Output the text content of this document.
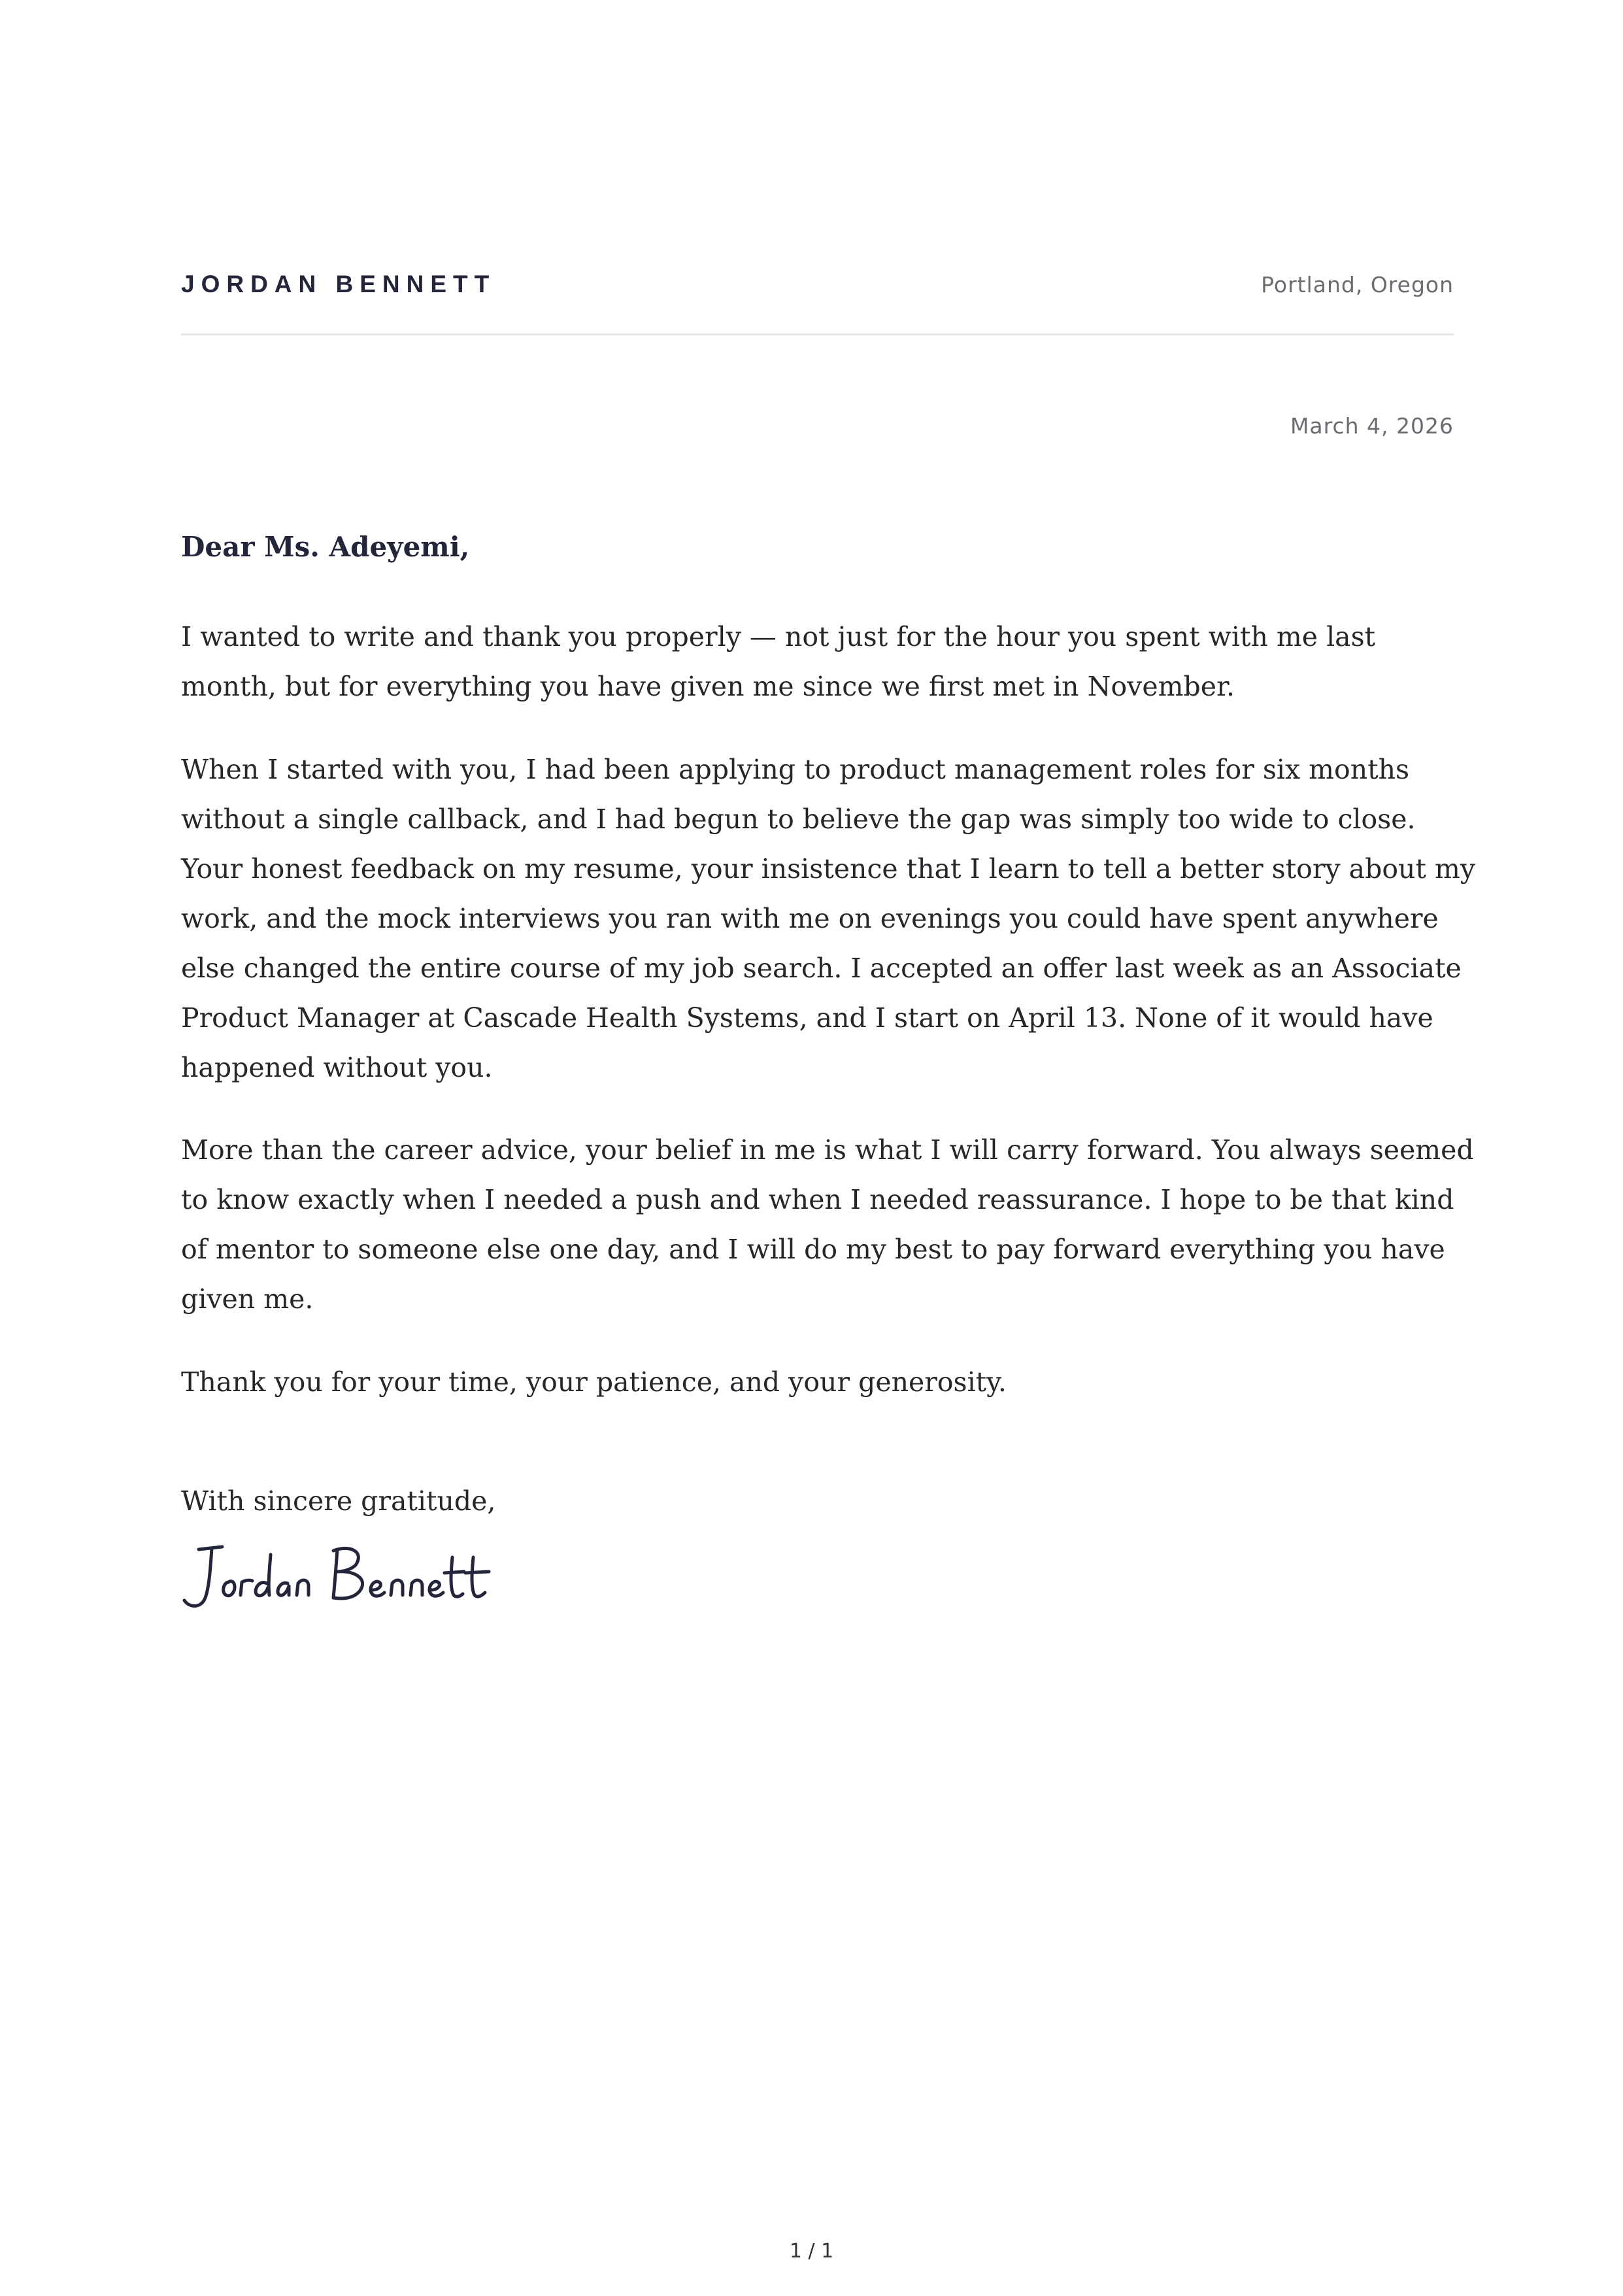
JORDAN BENNETT	Portland, Oregon
March 4, 2026
Dear Ms. Adeyemi,

I wanted to write and thank you properly — not just for the hour you spent with me last
month, but for everything you have given me since we first met in November.

When I started with you, I had been applying to product management roles for six months
without a single callback, and I had begun to believe the gap was simply too wide to close.
Your honest feedback on my resume, your insistence that I learn to tell a better story about my
work, and the mock interviews you ran with me on evenings you could have spent anywhere
else changed the entire course of my job search. I accepted an offer last week as an Associate
Product Manager at Cascade Health Systems, and I start on April 13. None of it would have
happened without you.

More than the career advice, your belief in me is what I will carry forward. You always seemed
to know exactly when I needed a push and when I needed reassurance. I hope to be that kind
of mentor to someone else one day, and I will do my best to pay forward everything you have
given me.

Thank you for your time, your patience, and your generosity.

With sincere gratitude,

1 / 1
